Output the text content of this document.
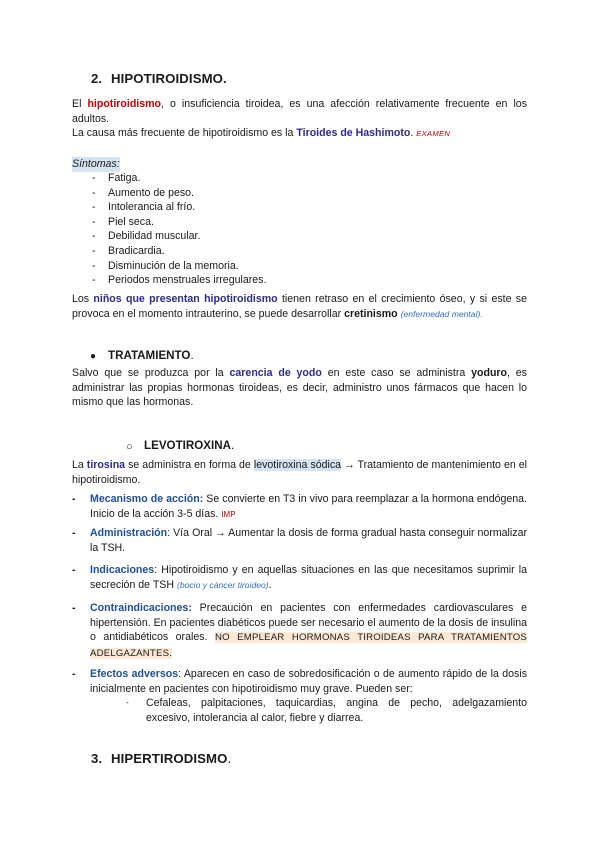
2. HIPOTIROIDISMO.
El hipotiroidismo, o insuficiencia tiroidea, es una afección relativamente frecuente en los adultos.
La causa más frecuente de hipotiroidismo es la Tiroides de Hashimoto. EXAMEN
Síntomas:
- Fatiga.
- Aumento de peso.
- Intolerancia al frío.
- Piel seca.
- Debilidad muscular.
- Bradicardia.
- Disminución de la memoria.
- Periodos menstruales irregulares.
Los niños que presentan hipotiroidismo tienen retraso en el crecimiento óseo, y si este se provoca en el momento intrauterino, se puede desarrollar cretinismo (enfermedad mental).
● TRATAMIENTO.
Salvo que se produzca por la carencia de yodo en este caso se administra yoduro, es administrar las propias hormonas tiroideas, es decir, administro unos fármacos que hacen lo mismo que las hormonas.
○ LEVOTIROXINA.
La tirosina se administra en forma de levotiroxina sódica → Tratamiento de mantenimiento en el hipotiroidismo.
- Mecanismo de acción: Se convierte en T3 in vivo para reemplazar a la hormona endógena. Inicio de la acción 3-5 días. IMP
- Administración: Vía Oral → Aumentar la dosis de forma gradual hasta conseguir normalizar la TSH.
- Indicaciones: Hipotiroidismo y en aquellas situaciones en las que necesitamos suprimir la secreción de TSH (bocio y cáncer tiroideo).
- Contraindicaciones: Precaución en pacientes con enfermedades cardiovasculares e hipertensión. En pacientes diabéticos puede ser necesario el aumento de la dosis de insulina o antidiabéticos orales. NO EMPLEAR HORMONAS TIROIDEAS PARA TRATAMIENTOS ADELGAZANTES.
- Efectos adversos: Aparecen en caso de sobredosificación o de aumento rápido de la dosis inicialmente en pacientes con hipotiroidismo muy grave. Pueden ser:
- Cefaleas, palpitaciones, taquicardias, angina de pecho, adelgazamiento excesivo, intolerancia al calor, fiebre y diarrea.
3. HIPERTIRODISMO.
